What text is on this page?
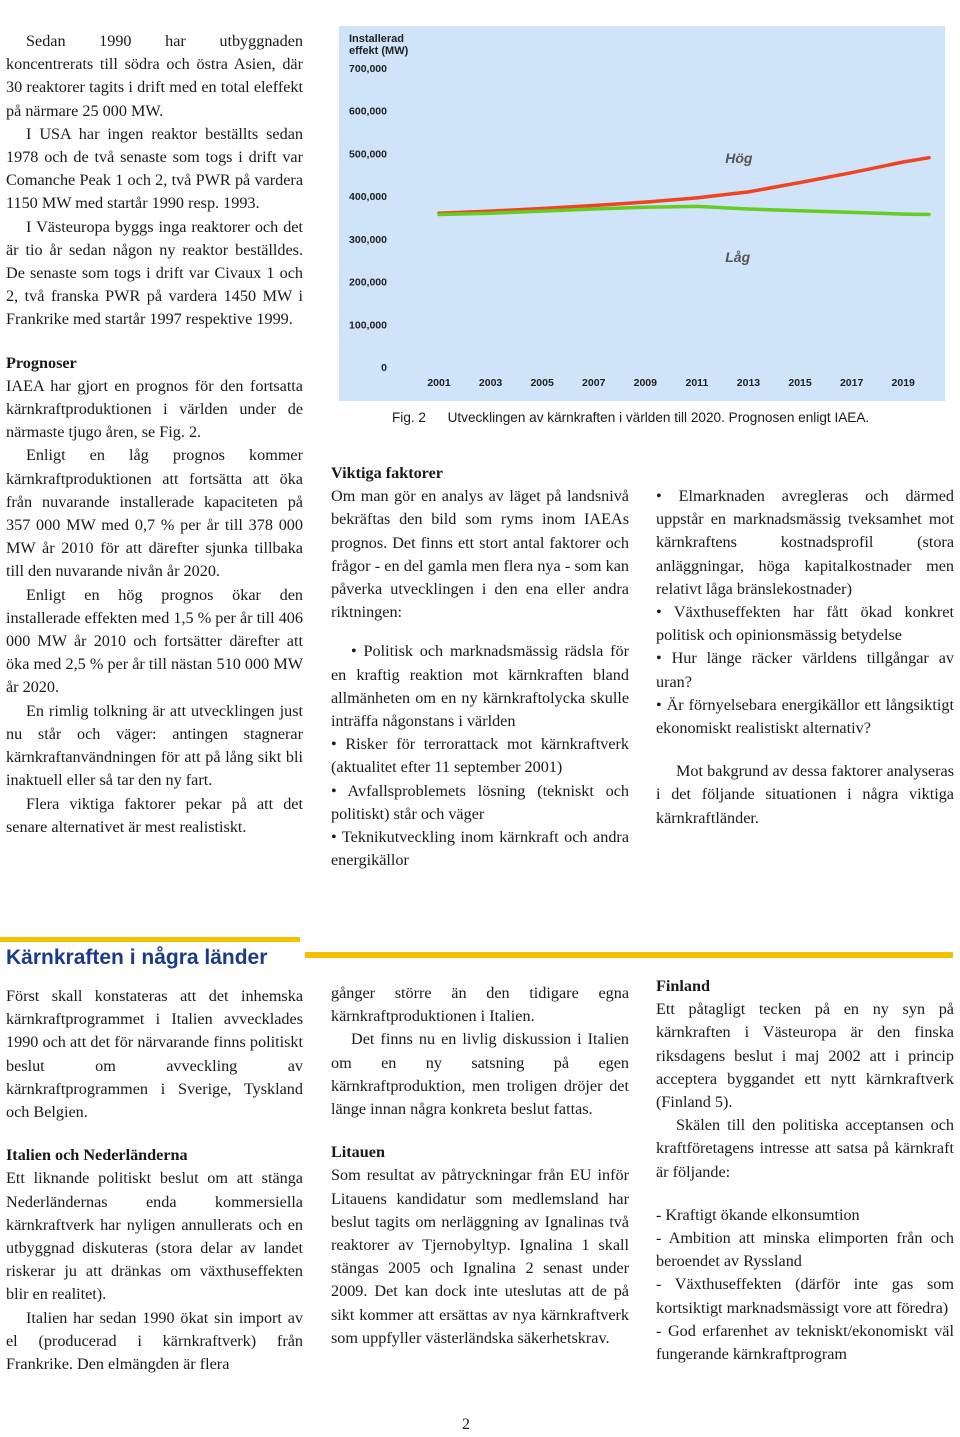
Sedan 1990 har utbyggnaden koncentrerats till södra och östra Asien, där 30 reaktorer tagits i drift med en total eleffekt på närmare 25 000 MW.

I USA har ingen reaktor beställts sedan 1978 och de två senaste som togs i drift var Comanche Peak 1 och 2, två PWR på vardera 1150 MW med startår 1990 resp. 1993.

I Västeuropa byggs inga reaktorer och det är tio år sedan någon ny reaktor beställdes. De senaste som togs i drift var Civaux 1 och 2, två franska PWR på vardera 1450 MW i Frankrike med startår 1997 respektive 1999.

Prognoser

IAEA har gjort en prognos för den fortsatta kärnkraftproduktionen i världen under de närmaste tjugo åren, se Fig. 2.

Enligt en låg prognos kommer kärnkraftproduktionen att fortsätta att öka från nuvarande installerade kapaciteten på 357 000 MW med 0,7 % per år till 378 000 MW år 2010 för att därefter sjunka tillbaka till den nuvarande nivån år 2020.

Enligt en hög prognos ökar den installerade effekten med 1,5 % per år till 406 000 MW år 2010 och fortsätter därefter att öka med 2,5 % per år till nästan 510 000 MW år 2020.

En rimlig tolkning är att utvecklingen just nu står och väger: antingen stagnerar kärnkraftanvändningen för att på lång sikt bli inaktuell eller så tar den ny fart.

Flera viktiga faktorer pekar på att det senare alternativet är mest realistiskt.

Installerad
effekt (MW)
0
100,000
200,000
300,000
400,000
500,000
600,000
700,000
2001	2003	2005	2007	2009	2011	2013	2015	2017	2019
Hög
Låg
Fig. 2 Utvecklingen av kärnkraften i världen till 2020. Prognosen enligt IAEA.

Viktiga faktorer

Om man gör en analys av läget på landsnivå bekräftas den bild som ryms inom IAEAs prognos. Det finns ett stort antal faktorer och frågor - en del gamla men flera nya - som kan påverka utvecklingen i den ena eller andra riktningen:

• Politisk och marknadsmässig rädsla för en kraftig reaktion mot kärnkraften bland allmänheten om en ny kärnkraftolycka skulle inträffa någonstans i världen

• Risker för terrorattack mot kärnkraftverk (aktualitet efter 11 september 2001)

• Avfallsproblemets lösning (tekniskt och politiskt) står och väger

• Teknikutveckling inom kärnkraft och andra energikällor

• Elmarknaden avregleras och därmed uppstår en marknadsmässig tveksamhet mot kärnkraftens kostnadsprofil (stora anläggningar, höga kapitalkostnader men relativt låga bränslekostnader)

• Växthuseffekten har fått ökad konkret politisk och opinionsmässig betydelse

• Hur länge räcker världens tillgångar av uran?

• Är förnyelsebara energikällor ett långsiktigt ekonomiskt realistiskt alternativ?

Mot bakgrund av dessa faktorer analyseras i det följande situationen i några viktiga kärnkraftländer.

Kärnkraften i några länder

Först skall konstateras att det inhemska kärnkraftprogrammet i Italien avvecklades 1990 och att det för närvarande finns politiskt beslut om avveckling av kärnkraftprogrammen i Sverige, Tyskland och Belgien.

Italien och Nederländerna

Ett liknande politiskt beslut om att stänga Nederländernas enda kommersiella kärnkraftverk har nyligen annullerats och en utbyggnad diskuteras (stora delar av landet riskerar ju att dränkas om växthuseffekten blir en realitet).

Italien har sedan 1990 ökat sin import av el (producerad i kärnkraftverk) från Frankrike. Den elmängden är flera

gånger större än den tidigare egna kärnkraftproduktionen i Italien.

Det finns nu en livlig diskussion i Italien om en ny satsning på egen kärnkraftproduktion, men troligen dröjer det länge innan några konkreta beslut fattas.

Litauen

Som resultat av påtryckningar från EU inför Litauens kandidatur som medlemsland har beslut tagits om nerläggning av Ignalinas två reaktorer av Tjernobyltyp. Ignalina 1 skall stängas 2005 och Ignalina 2 senast under 2009. Det kan dock inte uteslutas att de på sikt kommer att ersättas av nya kärnkraftverk som uppfyller västerländska säkerhetskrav.

Finland

Ett påtagligt tecken på en ny syn på kärnkraften i Västeuropa är den finska riksdagens beslut i maj 2002 att i princip acceptera byggandet ett nytt kärnkraftverk (Finland 5).

Skälen till den politiska acceptansen och kraftföretagens intresse att satsa på kärnkraft är följande:

- Kraftigt ökande elkonsumtion

- Ambition att minska elimporten från och beroendet av Ryssland

- Växthuseffekten (därför inte gas som kortsiktigt marknadsmässigt vore att föredra)

- God erfarenhet av tekniskt/ekonomiskt väl fungerande kärnkraftprogram

2
